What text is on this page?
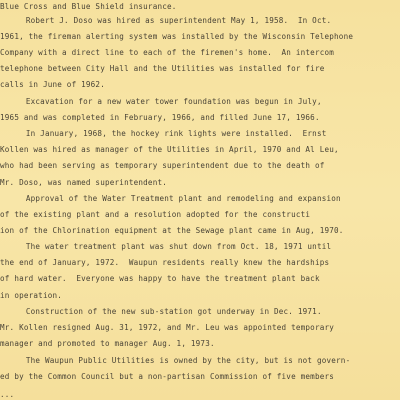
Blue Cross and Blue Shield insurance.
Robert J. Doso was hired as superintendent May 1, 1958.  In Oct.
1961, the fireman alerting system was installed by the Wisconsin Telephone
Company with a direct line to each of the firemen's home.  An intercom
telephone between City Hall and the Utilities was installed for fire
calls in June of 1962.
Excavation for a new water tower foundation was begun in July,
1965 and was completed in February, 1966, and filled June 17, 1966.
In January, 1968, the hockey rink lights were installed.  Ernst
Kollen was hired as manager of the Utilities in April, 1970 and Al Leu,
who had been serving as temporary superintendent due to the death of
Mr. Doso, was named superintendent.
Approval of the Water Treatment plant and remodeling and expansion
of the existing plant and a resolution adopted for the constructi
ion of the Chlorination equipment at the Sewage plant came in Aug, 1970.
The water treatment plant was shut down from Oct. 18, 1971 until
the end of January, 1972.  Waupun residents really knew the hardships
of hard water.  Everyone was happy to have the treatment plant back
in operation.
Construction of the new sub-station got underway in Dec. 1971.
Mr. Kollen resigned Aug. 31, 1972, and Mr. Leu was appointed temporary
manager and promoted to manager Aug. 1, 1973.
The Waupun Public Utilities is owned by the city, but is not govern-
ed by the Common Council but a non-partisan Commission of five members
...
